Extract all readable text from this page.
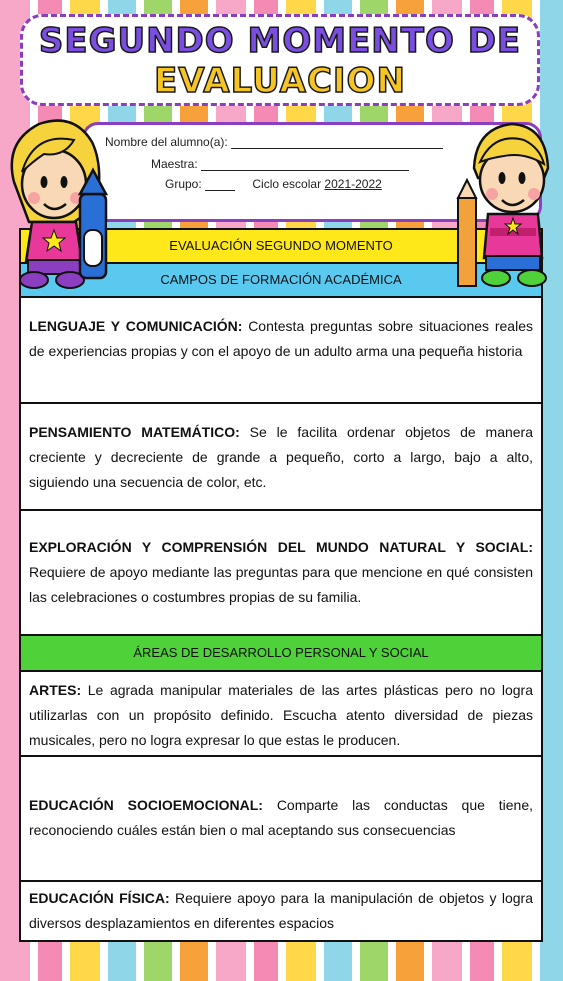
SEGUNDO MOMENTO DE
EVALUACION
Nombre del alumno(a):
Maestra:
Grupo:	Ciclo escolar 2021-2022
EVALUACIÓN SEGUNDO MOMENTO
CAMPOS DE FORMACIÓN ACADÉMICA
LENGUAJE Y COMUNICACIÓN: Contesta preguntas sobre situaciones reales de experiencias propias y con el apoyo de un adulto arma una pequeña historia
PENSAMIENTO MATEMÁTICO: Se le facilita ordenar objetos de manera creciente y decreciente de grande a pequeño, corto a largo, bajo a alto, siguiendo una secuencia de color, etc.
EXPLORACIÓN Y COMPRENSIÓN DEL MUNDO NATURAL Y SOCIAL: Requiere de apoyo mediante las preguntas para que mencione en qué consisten las celebraciones o costumbres propias de su familia.
ÁREAS DE DESARROLLO PERSONAL Y SOCIAL
ARTES: Le agrada manipular materiales de las artes plásticas pero no logra utilizarlas con un propósito definido. Escucha atento diversidad de piezas musicales, pero no logra expresar lo que estas le producen.
EDUCACIÓN SOCIOEMOCIONAL: Comparte las conductas que tiene, reconociendo cuáles están bien o mal aceptando sus consecuencias
EDUCACIÓN FÍSICA: Requiere apoyo para la manipulación de objetos y logra diversos desplazamientos en diferentes espacios
